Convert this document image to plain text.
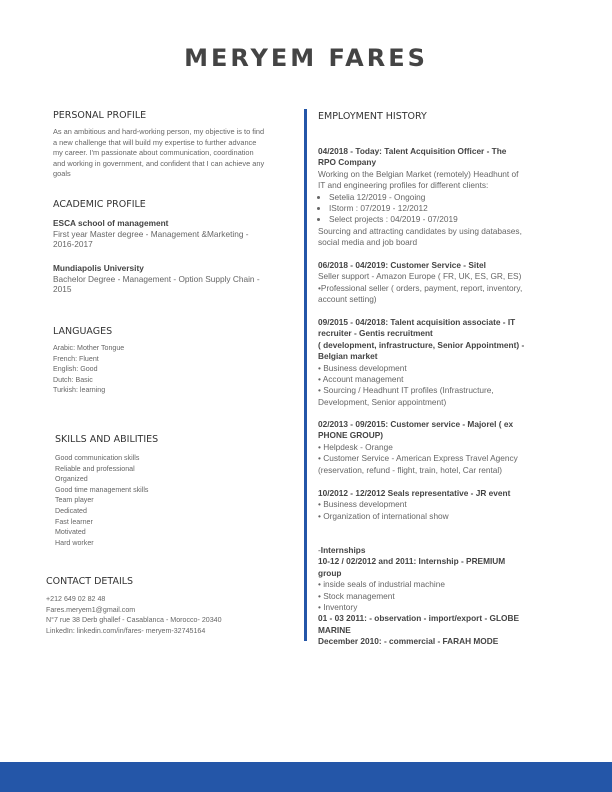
MERYEM FARES
PERSONAL PROFILE
As an ambitious and hard-working person, my objective is to find
a new challenge that will build my expertise to further advance
my career. I'm passionate about communication, coordination
and working in government, and confident that I can achieve any
goals
ACADEMIC PROFILE
ESCA school of management
First year Master degree - Management &Marketing -
2016-2017
Mundiapolis University
Bachelor Degree - Management - Option Supply Chain -
2015
LANGUAGES
Arabic: Mother Tongue
French: Fluent
English: Good
Dutch: Basic
Turkish: learning
SKILLS AND ABILITIES
Good communication skills
Reliable and professional
Organized
Good time management skills
Team player
Dedicated
Fast learner
Motivated
Hard worker
CONTACT DETAILS
+212 649 02 82 48
Fares.meryem1@gmail.com
N°7 rue 38 Derb ghallef - Casablanca - Morocco- 20340
LinkedIn: linkedin.com/in/fares- meryem-32745164
EMPLOYMENT HISTORY
04/2018 - Today: Talent Acquisition Officer - The
RPO Company
Working on the Belgian Market (remotely) Headhunt of
IT and engineering profiles for different clients:
• Setelia 12/2019 - Ongoing
• IStorm : 07/2019 - 12/2012
• Select projects : 04/2019 - 07/2019
Sourcing and attracting candidates by using databases,
social media and job board
06/2018 - 04/2019: Customer Service - Sitel
Seller support - Amazon Europe ( FR, UK, ES, GR, ES)
•Professional seller ( orders, payment, report, inventory,
account setting)
09/2015 - 04/2018: Talent acquisition associate - IT
recruiter - Gentis recruitment
( development, infrastructure, Senior Appointment) -
Belgian market
• Business development
• Account management
• Sourcing / Headhunt IT profiles (Infrastructure,
Development, Senior appointment)
02/2013 - 09/2015: Customer service - Majorel ( ex
PHONE GROUP)
• Helpdesk - Orange
• Customer Service - American Express Travel Agency
(reservation, refund - flight, train, hotel, Car rental)
10/2012 - 12/2012 Seals representative - JR event
• Business development
• Organization of international show
-Internships
10-12 / 02/2012 and 2011: Internship - PREMIUM
group
• inside seals of industrial machine
• Stock management
• Inventory
01 - 03 2011: - observation - import/export - GLOBE
MARINE
December 2010: - commercial - FARAH MODE
